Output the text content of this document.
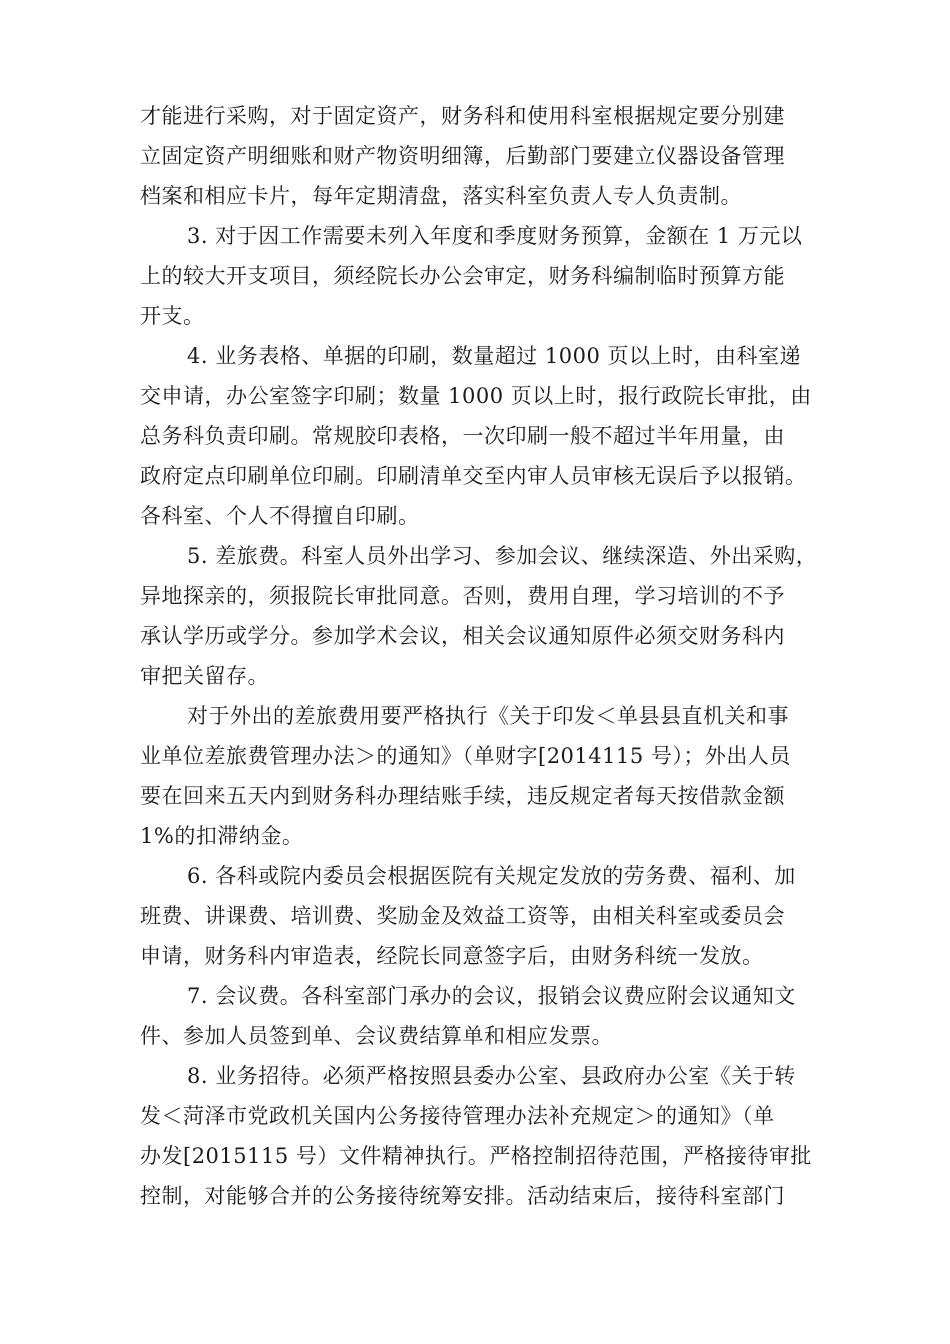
才能进行采购，对于固定资产，财务科和使用科室根据规定要分别建
立固定资产明细账和财产物资明细簿，后勤部门要建立仪器设备管理
档案和相应卡片，每年定期清盘，落实科室负责人专人负责制。
3. 对于因工作需要未列入年度和季度财务预算，金额在 1 万元以
上的较大开支项目，须经院长办公会审定，财务科编制临时预算方能
开支。
4. 业务表格、单据的印刷，数量超过 1000 页以上时，由科室递
交申请，办公室签字印刷；数量 1000 页以上时，报行政院长审批，由
总务科负责印刷。常规胶印表格，一次印刷一般不超过半年用量，由
政府定点印刷单位印刷。印刷清单交至内审人员审核无误后予以报销。
各科室、个人不得擅自印刷。
5. 差旅费。科室人员外出学习、参加会议、继续深造、外出采购，
异地探亲的，须报院长审批同意。否则，费用自理，学习培训的不予
承认学历或学分。参加学术会议，相关会议通知原件必须交财务科内
审把关留存。
对于外出的差旅费用要严格执行《关于印发＜单县县直机关和事
业单位差旅费管理办法＞的通知》（单财字[2014115 号）；外出人员
要在回来五天内到财务科办理结账手续，违反规定者每天按借款金额
1%的扣滞纳金。
6. 各科或院内委员会根据医院有关规定发放的劳务费、福利、加
班费、讲课费、培训费、奖励金及效益工资等，由相关科室或委员会
申请，财务科内审造表，经院长同意签字后，由财务科统一发放。
7. 会议费。各科室部门承办的会议，报销会议费应附会议通知文
件、参加人员签到单、会议费结算单和相应发票。
8. 业务招待。必须严格按照县委办公室、县政府办公室《关于转
发＜菏泽市党政机关国内公务接待管理办法补充规定＞的通知》（单
办发[2015115 号）文件精神执行。严格控制招待范围，严格接待审批
控制，对能够合并的公务接待统筹安排。活动结束后，接待科室部门
